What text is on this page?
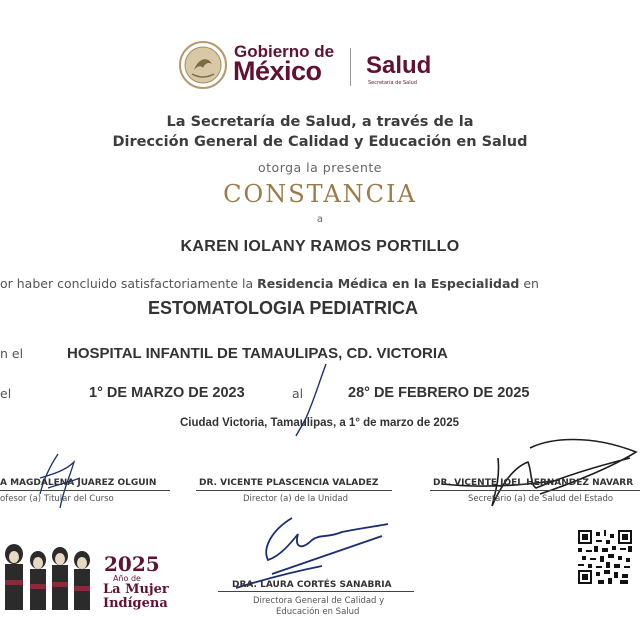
Gobierno de
México Salud
Secretaría de Salud
La Secretaría de Salud, a través de la
Dirección General de Calidad y Educación en Salud
otorga la presente
CONSTANCIA
a
KAREN IOLANY RAMOS PORTILLO
or haber concluido satisfactoriamente la Residencia Médica en la Especialidad en
ESTOMATOLOGIA PEDIATRICA
n el	HOSPITAL INFANTIL DE TAMAULIPAS, CD. VICTORIA
el	1° DE MARZO DE 2023	al	28° DE FEBRERO DE 2025
Ciudad Victoria, Tamaulipas, a 1° de marzo de 2025
A MAGDALENA JUAREZ OLGUIN
ofesor (a) Titular del Curso
DR. VICENTE PLASCENCIA VALADEZ
Director (a) de la Unidad
DR. VICENTE JOEL HERNANDEZ NAVARR
Secretario (a) de Salud del Estado
DRA. LAURA CORTÉS SANABRIA
Directora General de Calidad y
Educación en Salud
2025
Año de
La Mujer
Indígena
